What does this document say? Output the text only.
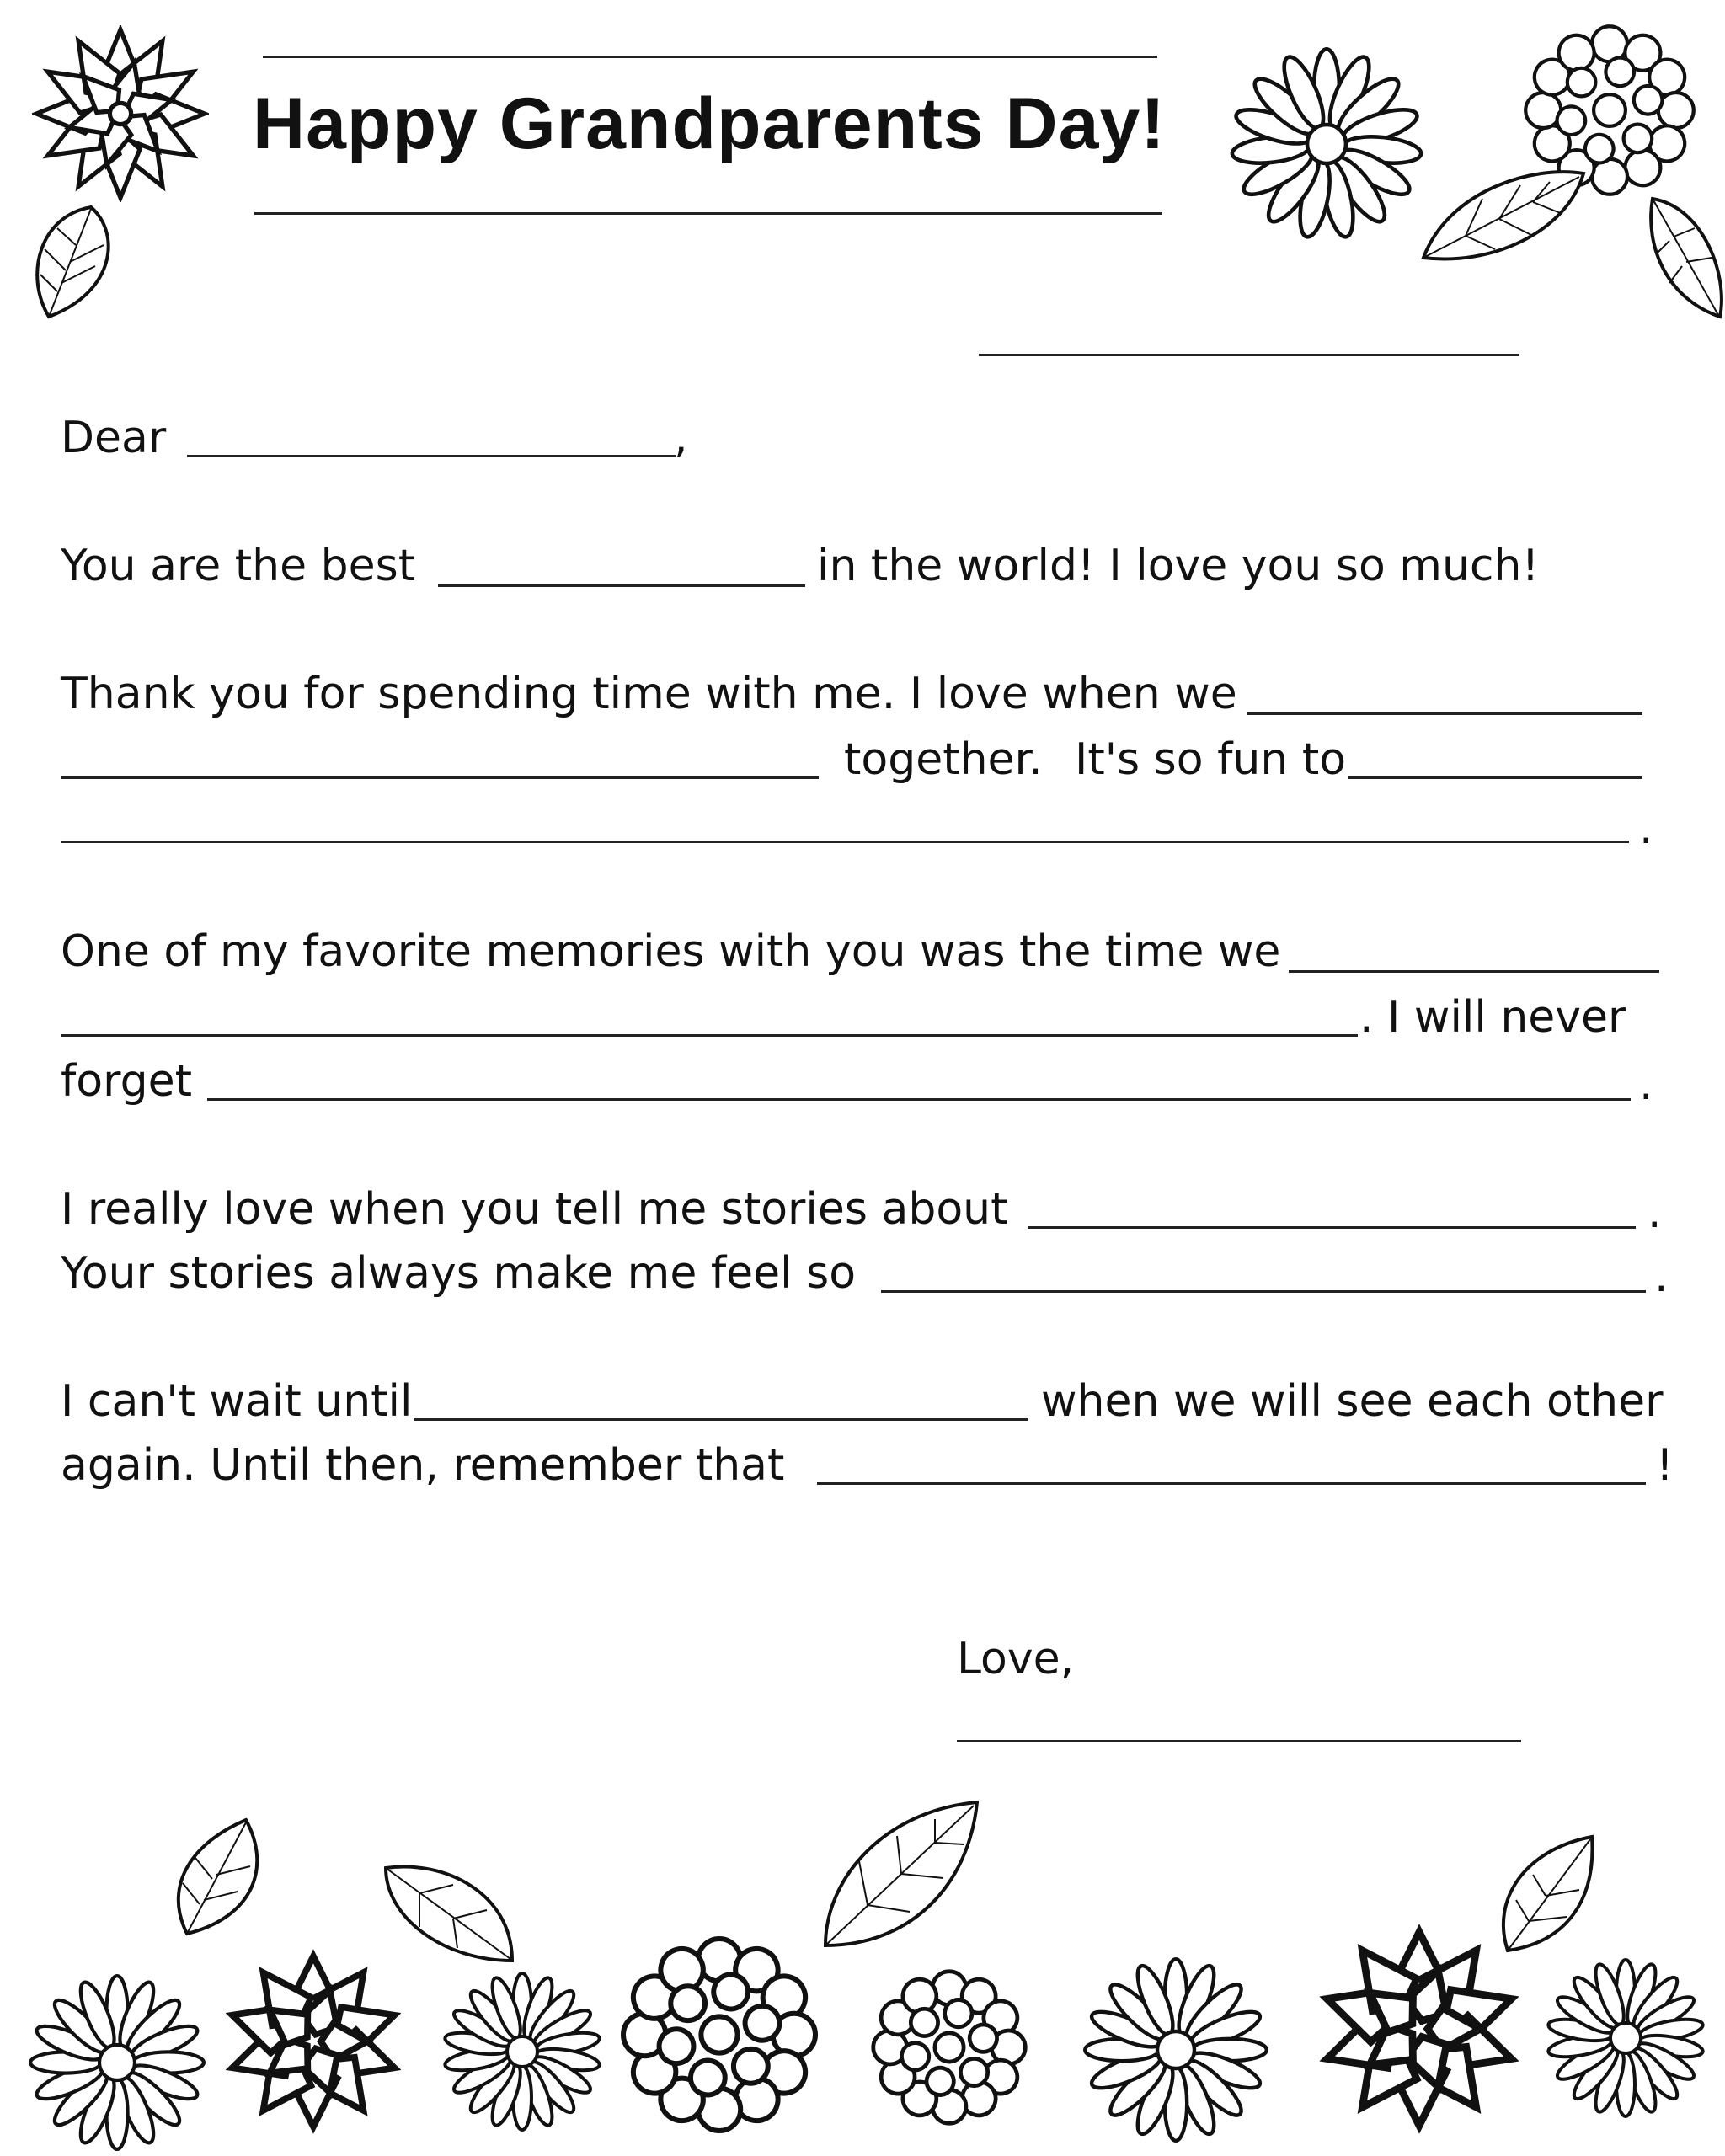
Happy Grandparents Day!
Dear	,
You are the best	in the world! I love you so much!
Thank you for spending time with me. I love when we
together. It's so fun to
.
One of my favorite memories with you was the time we
. I will never
forget	.
I really love when you tell me stories about	.
Your stories always make me feel so	.
I can't wait until	when we will see each other
again. Until then, remember that	!
Love,
